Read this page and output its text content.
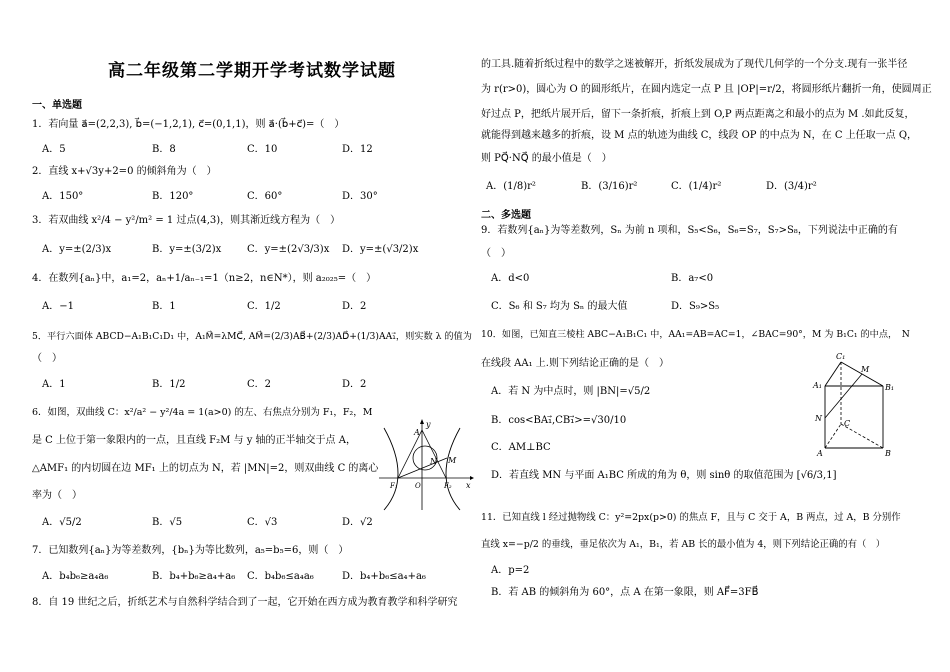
高二年级第二学期开学考试数学试题
一、单选题
1．若向量 a⃗=(2,2,3), b⃗=(−1,2,1), c⃗=(0,1,1)，则 a⃗·(b⃗+c⃗)=（　）
A．5	B．8	C．10	D．12
2．直线 x+√3y+2=0 的倾斜角为（　）
A．150°	B．120°	C．60°	D．30°
3．若双曲线 x²/4 − y²/m² = 1 过点(4,3)，则其渐近线方程为（　）
A．y=±(2/3)x	B．y=±(3/2)x	C．y=±(2√3/3)x D．y=±(√3/2)x
4．在数列{aₙ}中，a₁=2，aₙ+1/aₙ₋₁=1（n≥2，n∈N*），则 a₂₀₂₅=（　）
A．−1	B．1	C．1/2	D．2
5．平行六面体 ABCD−A₁B₁C₁D₁ 中，A₁M⃗=λMC⃗, AM⃗=(2/3)AB⃗+(2/3)AD⃗+(1/3)AA₁⃗，则实数 λ 的值为
（　）
A．1	B．1/2	C．2	D．2
6．如图，双曲线 C：x²/a² − y²/4a = 1(a>0) 的左、右焦点分别为 F₁，F₂，M
是 C 上位于第一象限内的一点，且直线 F₂M 与 y 轴的正半轴交于点 A，
△AMF₁ 的内切圆在边 MF₁ 上的切点为 N，若 |MN|=2，则双曲线 C 的离心
率为（　）
A．√5/2	B．√5	C．√3	D．√2
y
A
N M
F₁ O	F₂ x
7．已知数列{aₙ}为等差数列，{bₙ}为等比数列，a₅=b₅=6，则（　）
A．b₄b₆≥a₄a₆	B．b₄+b₆≥a₄+a₆ C．b₄b₆≤a₄a₆	D．b₄+b₆≤a₄+a₆
8．自 19 世纪之后，折纸艺术与自然科学结合到了一起，它开始在西方成为教育教学和科学研究
的工具.随着折纸过程中的数学之迷被解开，折纸发展成为了现代几何学的一个分支.现有一张半径
为 r(r>0)，圆心为 O 的圆形纸片，在圆内选定一点 P 且 |OP|=r/2，将圆形纸片翻折一角，使圆周正
好过点 P，把纸片展开后，留下一条折痕，折痕上到 O,P 两点距离之和最小的点为 M .如此反复，
就能得到越来越多的折痕，设 M 点的轨迹为曲线 C，线段 OP 的中点为 N，在 C 上任取一点 Q，
则 PQ⃗·NQ⃗ 的最小值是（　）
A．(1/8)r²	B．(3/16)r²	C．(1/4)r²	D．(3/4)r²
二、多选题
9．若数列{aₙ}为等差数列，Sₙ 为前 n 项和，S₅<S₆，S₆=S₇，S₇>S₈，下列说法中正确的有
（　）
A．d<0	B．a₇<0
C．S₆ 和 S₇ 均为 Sₙ 的最大值	D．S₉>S₅
10．如图，已知直三棱柱 ABC−A₁B₁C₁ 中，AA₁=AB=AC=1，∠BAC=90°，M 为 B₁C₁ 的中点，　N
在线段 AA₁ 上.则下列结论正确的是（　）
A．若 N 为中点时，则 |BN|=√5/2
B．cos<BA₁⃗,CB₁⃗>=√30/10
C．AM⊥BC
D．若直线 MN 与平面 A₁BC 所成的角为 θ，则 sinθ 的取值范围为 [√6/3,1]
C₁
M
A₁	B₁
N
C
A	B
11．已知直线 l 经过抛物线 C：y²=2px(p>0) 的焦点 F，且与 C 交于 A，B 两点，过 A，B 分别作
直线 x=−p/2 的垂线，垂足依次为 A₁，B₁，若 AB 长的最小值为 4，则下列结论正确的有（　）
A．p=2
B．若 AB 的倾斜角为 60°，点 A 在第一象限，则 AF⃗=3FB⃗
